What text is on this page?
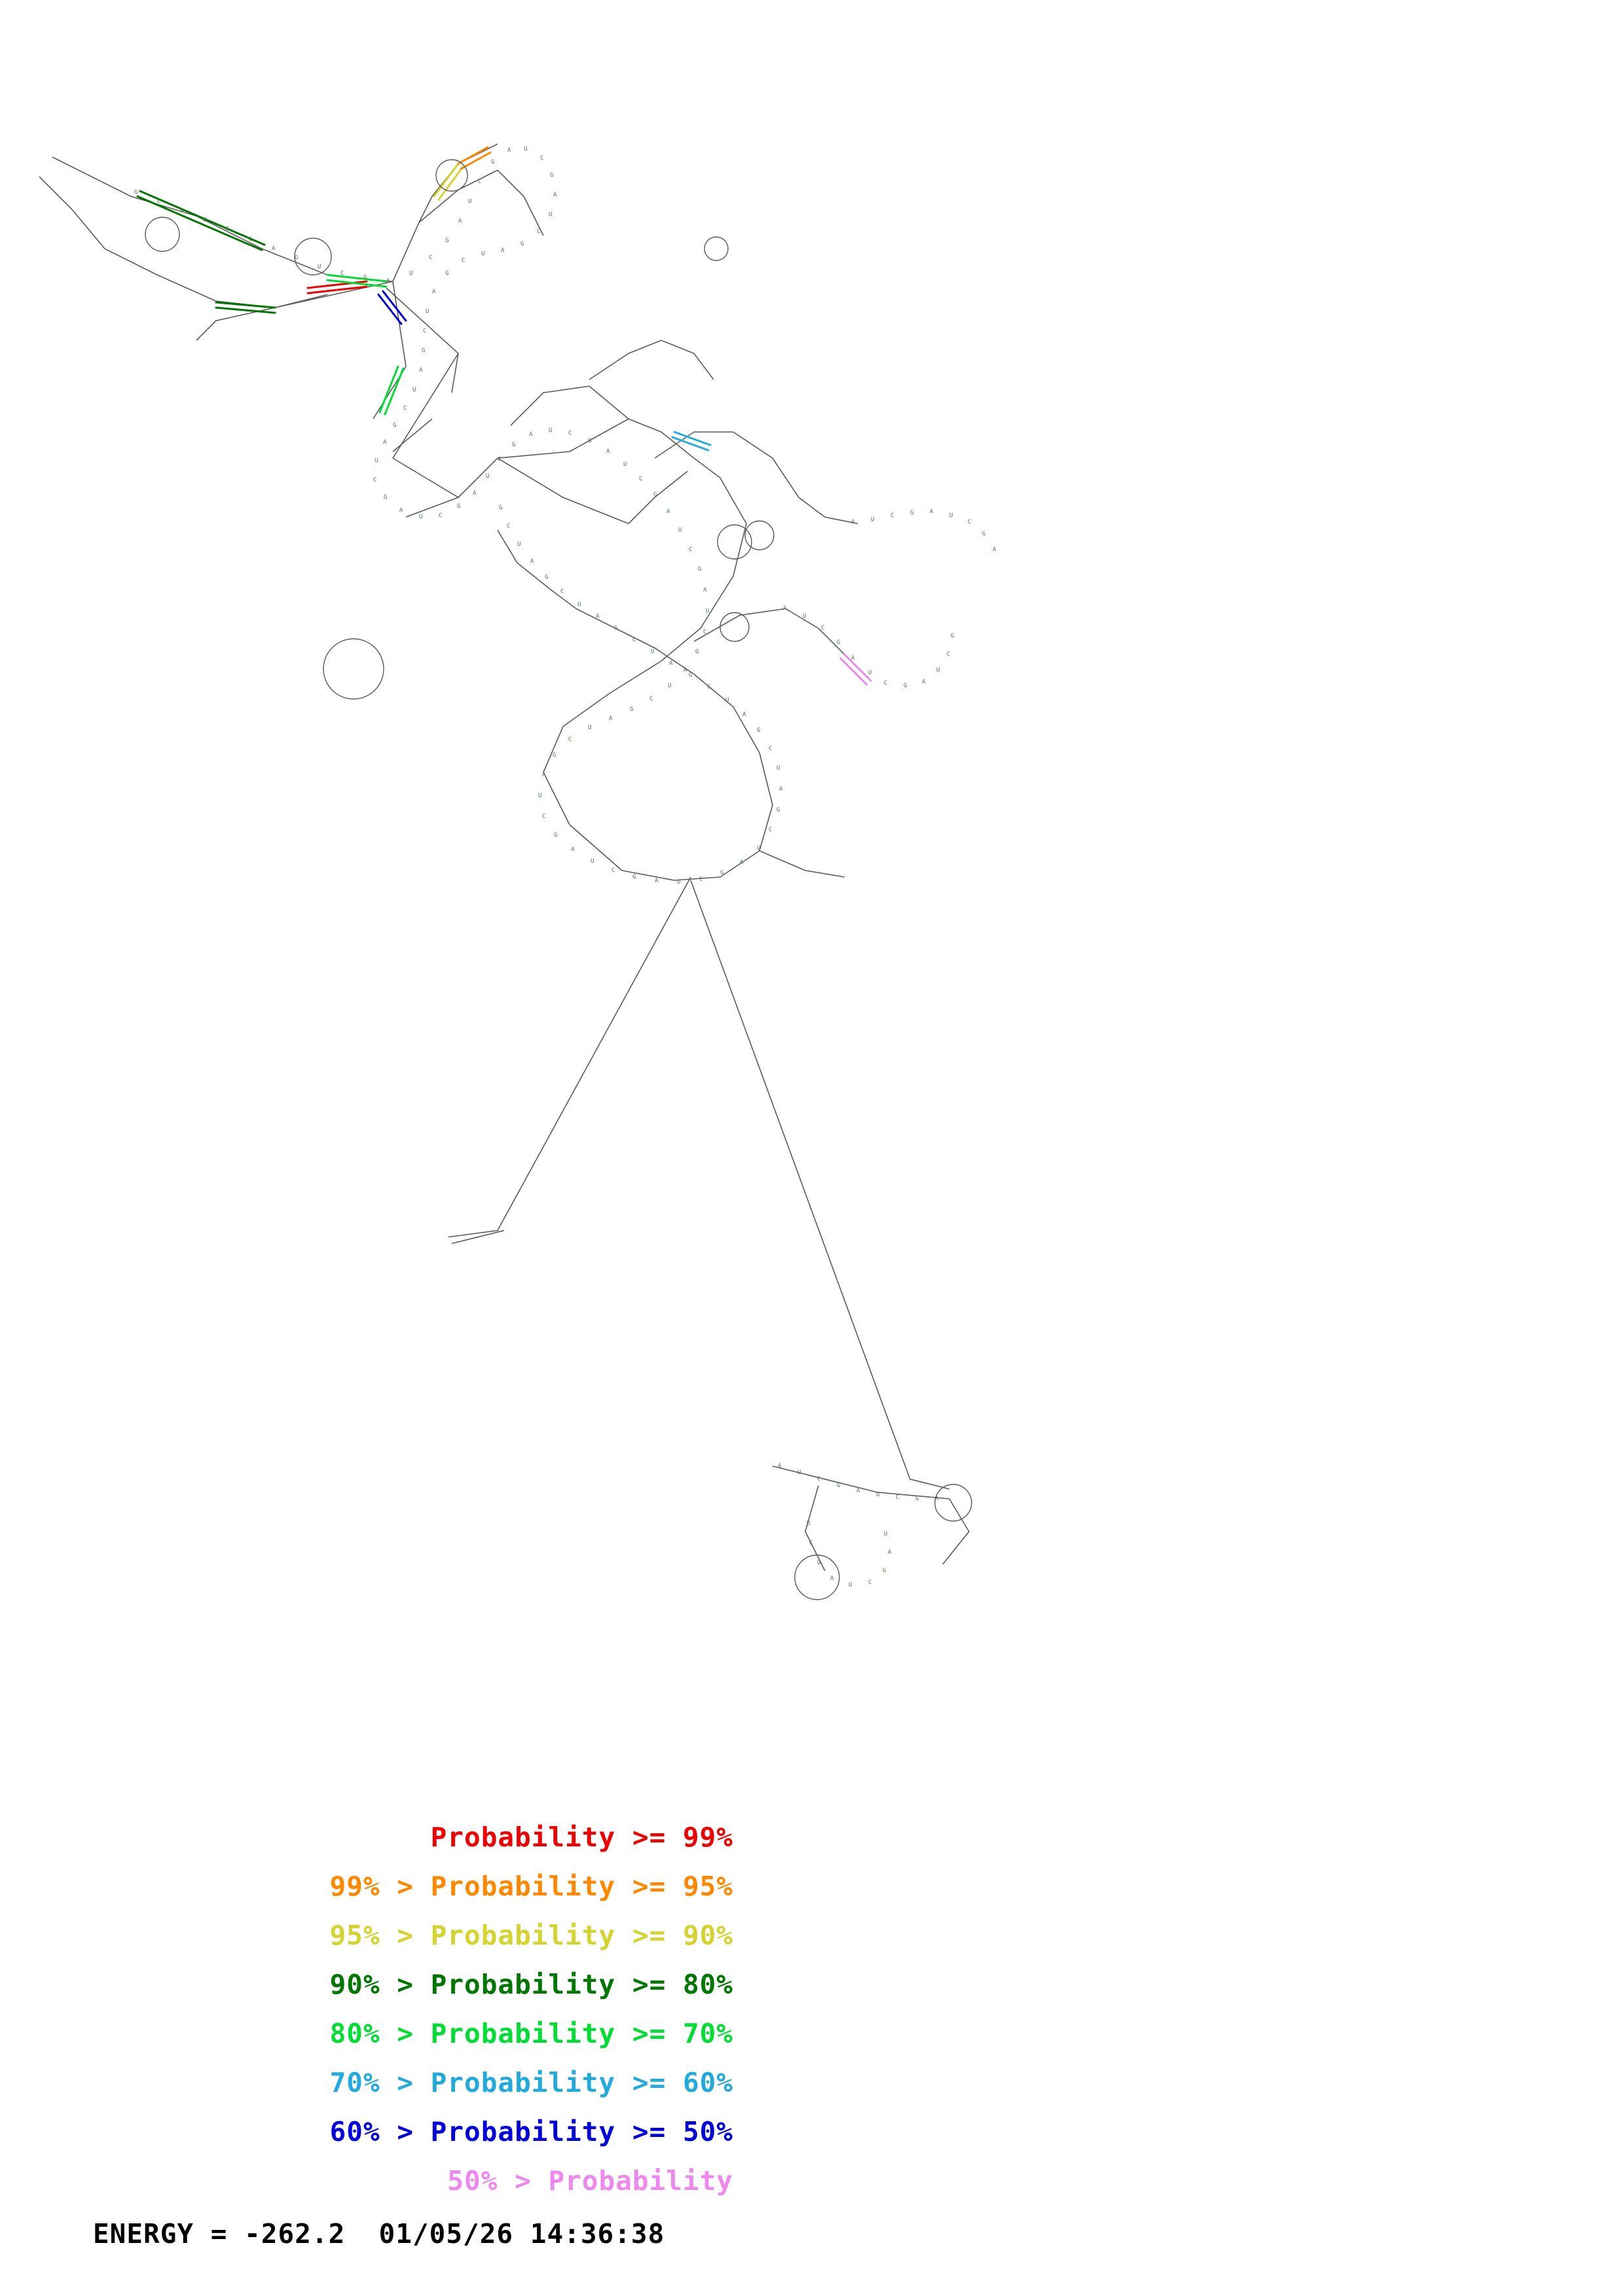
G
C
A
U
G
C
A
G
U
C
G
A
U
C
G
A
U
C
G
A U
C
G
A
U
C
G
A
U
C
G
A
U
C
G
A
U
C
G
A
U
C
G
A
U	C
G
A
U
C
G
A
U	C
G
A
U
C
G
A
U
C
G
A
U
C
G
A
U
C
G
A
U
C
G
A
U
C
G
A
U
C
G
A	U	C
G
A
U
C
G
A
U
C
G
A
U
C
G
A
U
C
G
A
U
C
G
A
U
C
G
A
U
C
G
A
U
C	G
A
U
C
G
A	U
C	G	A
U
C
G
A
A
U
C
G
A
U	C	G	A
U
C
G
A
U	C
G
A
U
Probability >= 99%
99% > Probability >= 95%
95% > Probability >= 90%
90% > Probability >= 80%
80% > Probability >= 70%
70% > Probability >= 60%
60% > Probability >= 50%
50% > Probability
ENERGY = -262.2  01/05/26 14:36:38
